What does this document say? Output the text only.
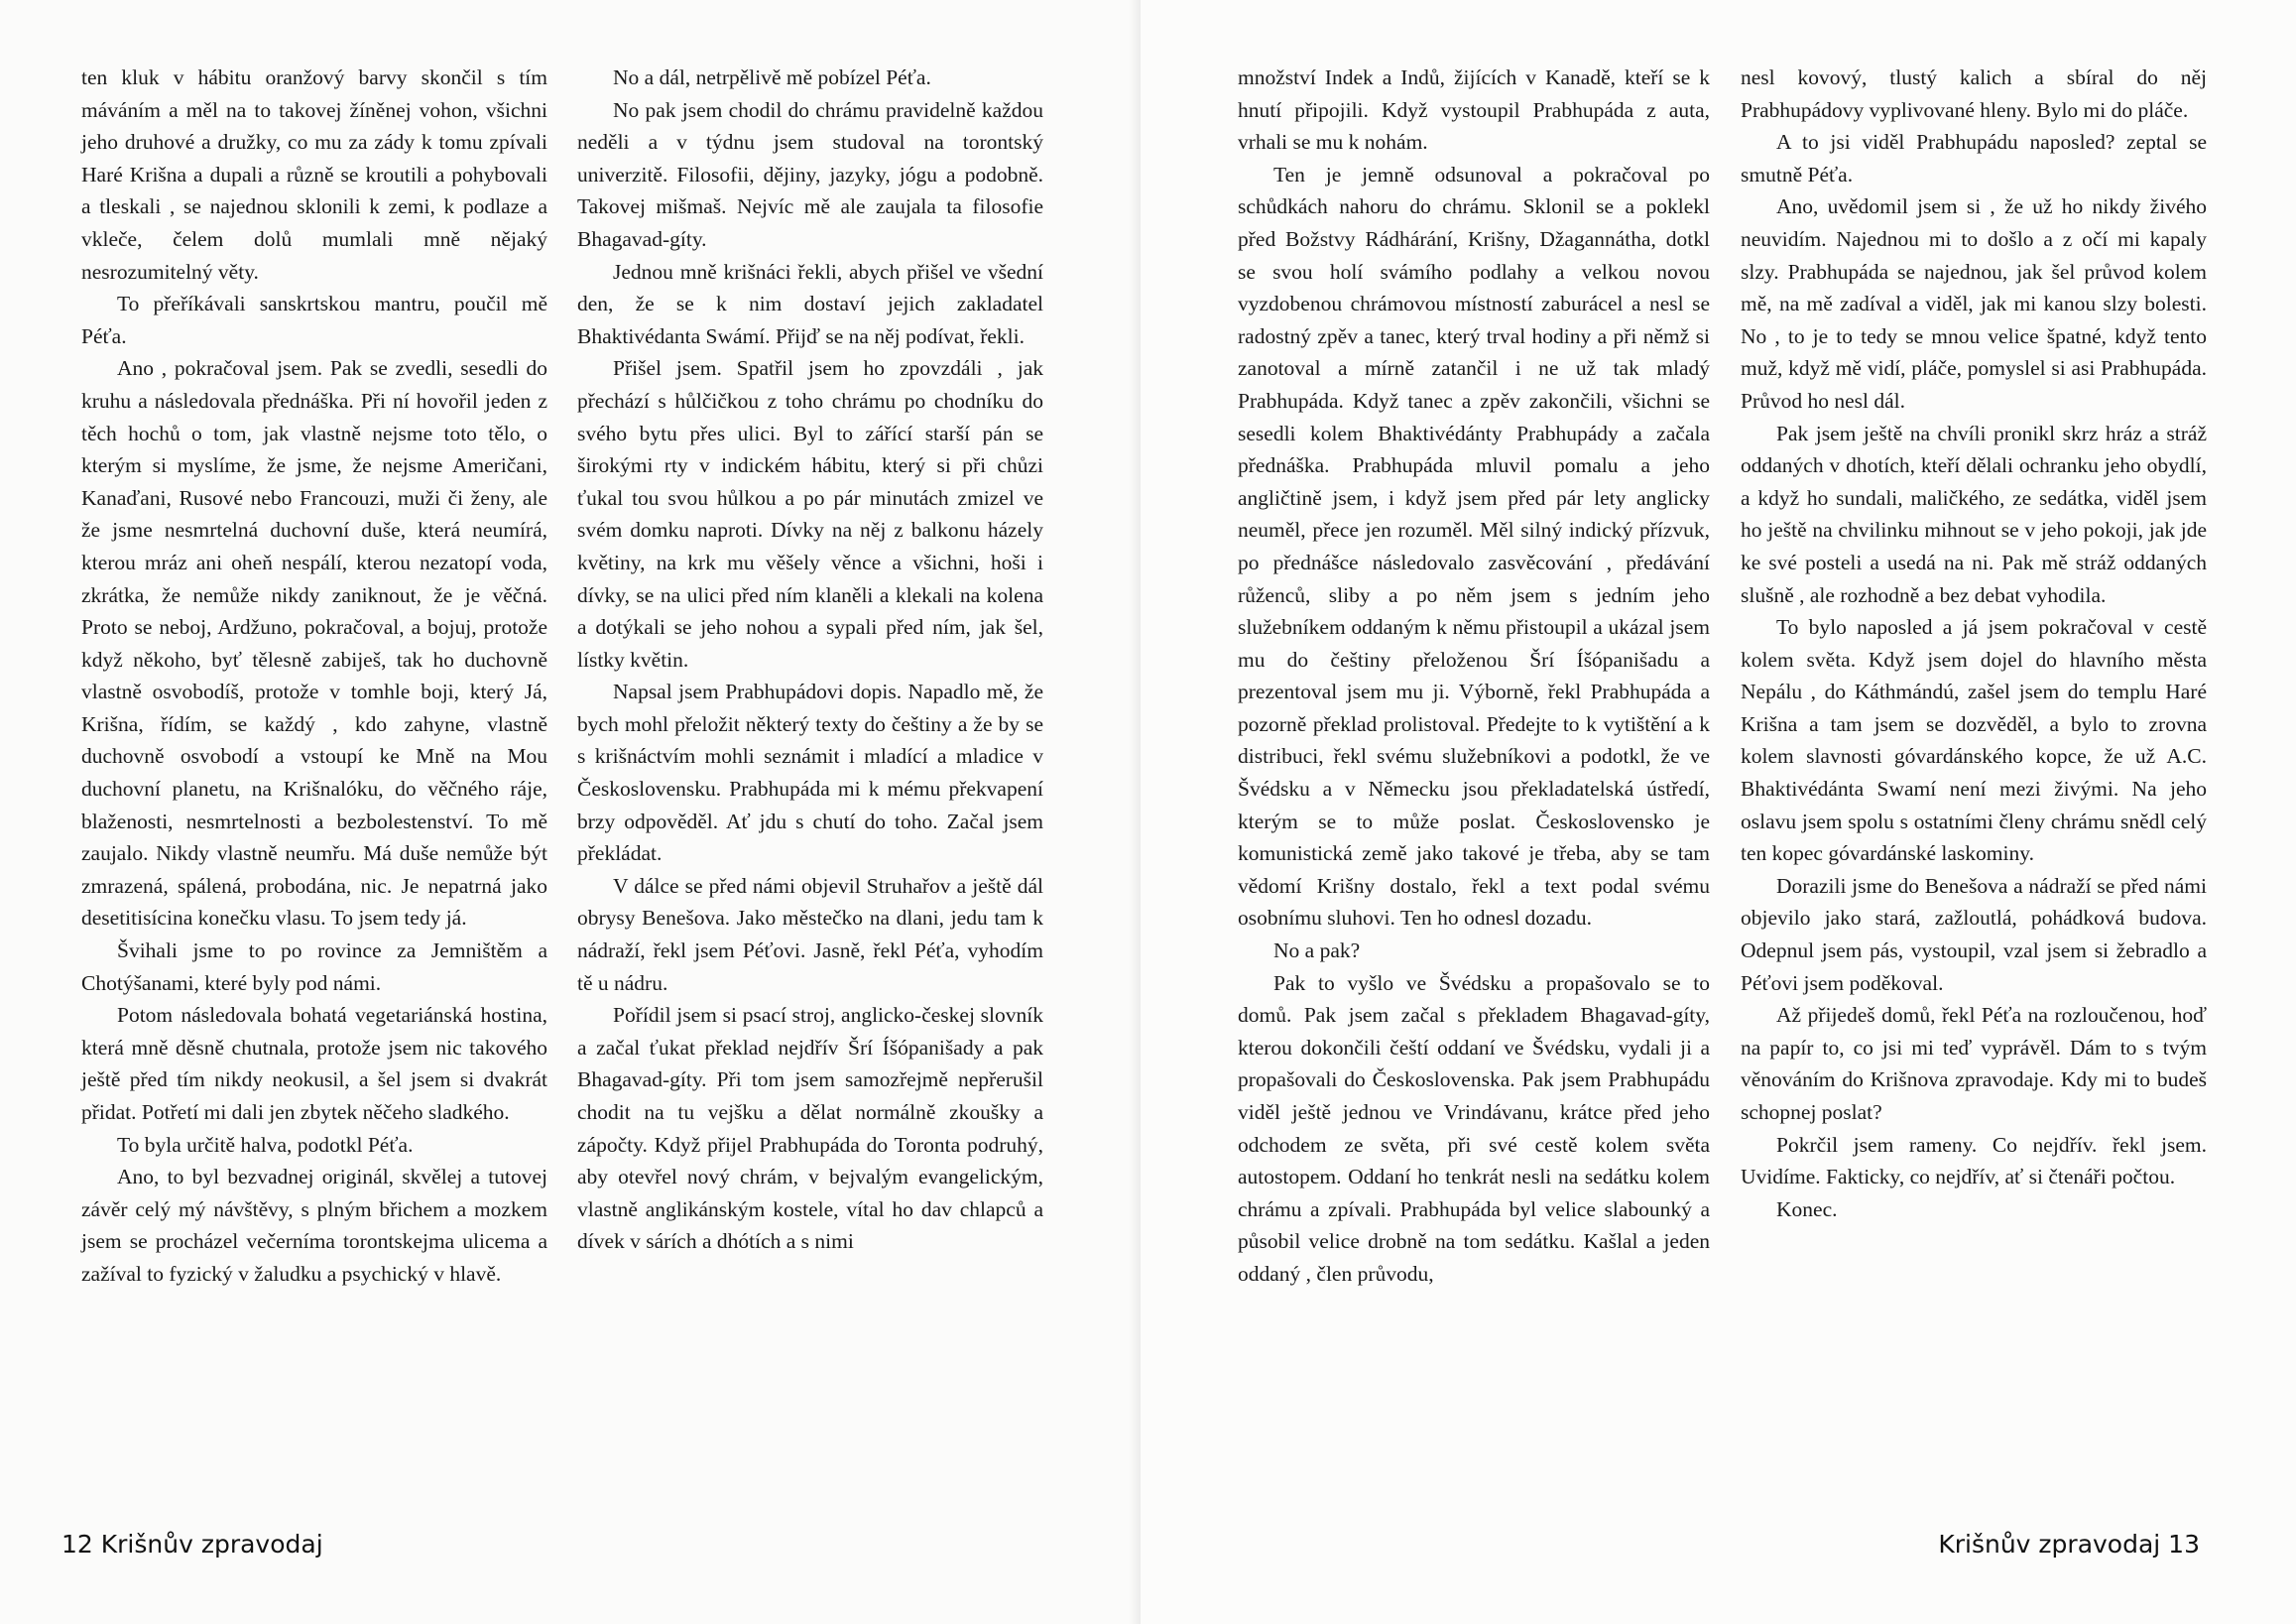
ten kluk v hábitu oranžový barvy skončil s tím máváním a měl na to takovej žíněnej vohon, všichni jeho druhové a družky, co mu za zády k tomu zpívali Haré Krišna a dupali a různě se kroutili a pohybovali a tleskali , se najednou sklonili k zemi, k podlaze a vkleče, čelem dolů mumlali mně nějaký nesrozumitelný věty.

To přeříkávali sanskrtskou mantru, poučil mě Péťa.

Ano , pokračoval jsem. Pak se zvedli, sesedli do kruhu a následovala přednáška. Při ní hovořil jeden z těch hochů o tom, jak vlastně nejsme toto tělo, o kterým si myslíme, že jsme, že nejsme Američani, Kanaďani, Rusové nebo Francouzi, muži či ženy, ale že jsme nesmrtelná duchovní duše, která neumírá, kterou mráz ani oheň nespálí, kterou nezatopí voda, zkrátka, že nemůže nikdy zaniknout, že je věčná. Proto se neboj, Ardžuno, pokračoval, a bojuj, protože když někoho, byť tělesně zabiješ, tak ho duchovně vlastně osvobodíš, protože v tomhle boji, který Já, Krišna, řídím, se každý , kdo zahyne, vlastně duchovně osvobodí a vstoupí ke Mně na Mou duchovní planetu, na Krišnalóku, do věčného ráje, blaženosti, nesmrtelnosti a bezbolestenství. To mě zaujalo. Nikdy vlastně neumřu. Má duše nemůže být zmrazená, spálená, probodána, nic. Je nepatrná jako desetitisícina konečku vlasu. To jsem tedy já.

Švihali jsme to po rovince za Jemništěm a Chotýšanami, které byly pod námi.

Potom následovala bohatá vegetariánská hostina, která mně děsně chutnala, protože jsem nic takového ještě před tím nikdy neokusil, a šel jsem si dvakrát přidat. Potřetí mi dali jen zbytek něčeho sladkého.

To byla určitě halva, podotkl Péťa.

Ano, to byl bezvadnej originál, skvělej a tutovej závěr celý mý návštěvy, s plným břichem a mozkem jsem se procházel večerníma torontskejma ulicema a zažíval to fyzický v žaludku a psychický v hlavě.

No a dál, netrpělivě mě pobízel Péťa.

No pak jsem chodil do chrámu pravidelně každou neděli a v týdnu jsem studoval na torontský univerzitě. Filosofii, dějiny, jazyky, jógu a podobně. Takovej mišmaš. Nejvíc mě ale zaujala ta filosofie Bhagavad-gíty.

Jednou mně krišnáci řekli, abych přišel ve všední den, že se k nim dostaví jejich zakladatel Bhaktivédanta Swámí. Přijď se na něj podívat, řekli.

Přišel jsem. Spatřil jsem ho zpovzdáli , jak přechází s hůlčičkou z toho chrámu po chodníku do svého bytu přes ulici. Byl to zářící starší pán se širokými rty v indickém hábitu, který si při chůzi ťukal tou svou hůlkou a po pár minutách zmizel ve svém domku naproti. Dívky na něj z balkonu házely květiny, na krk mu věšely věnce a všichni, hoši i dívky, se na ulici před ním klaněli a klekali na kolena a dotýkali se jeho nohou a sypali před ním, jak šel, lístky květin.

Napsal jsem Prabhupádovi dopis. Napadlo mě, že bych mohl přeložit některý texty do češtiny a že by se s krišnáctvím mohli seznámit i mladící a mladice v Československu. Prabhupáda mi k mému překvapení brzy odpověděl. Ať jdu s chutí do toho. Začal jsem překládat.

V dálce se před námi objevil Struhařov a ještě dál obrysy Benešova. Jako městečko na dlani, jedu tam k nádraží, řekl jsem Péťovi. Jasně, řekl Péťa, vyhodím tě u nádru.

Pořídil jsem si psací stroj, anglicko-českej slovník a začal ťukat překlad nejdřív Šrí Íšópanišady a pak Bhagavad-gíty. Při tom jsem samozřejmě nepřerušil chodit na tu vejšku a dělat normálně zkoušky a zápočty. Když přijel Prabhupáda do Toronta podruhý, aby otevřel nový chrám, v bejvalým evangelickým, vlastně anglikánským kostele, vítal ho dav chlapců a dívek v sárích a dhótích a s nimi

12 Krišnův zpravodaj

množství Indek a Indů, žijících v Kanadě, kteří se k hnutí připojili. Když vystoupil Prabhupáda z auta, vrhali se mu k nohám.

Ten je jemně odsunoval a pokračoval po schůdkách nahoru do chrámu. Sklonil se a poklekl před Božstvy Rádhárání, Krišny, Džagannátha, dotkl se svou holí svámího podlahy a velkou novou vyzdobenou chrámovou místností zaburácel a nesl se radostný zpěv a tanec, který trval hodiny a při němž si zanotoval a mírně zatančil i ne už tak mladý Prabhupáda. Když tanec a zpěv zakončili, všichni se sesedli kolem Bhaktivédánty Prabhupády a začala přednáška. Prabhupáda mluvil pomalu a jeho angličtině jsem, i když jsem před pár lety anglicky neuměl, přece jen rozuměl. Měl silný indický přízvuk, po přednášce následovalo zasvěcování , předávání růženců, sliby a po něm jsem s jedním jeho služebníkem oddaným k němu přistoupil a ukázal jsem mu do češtiny přeloženou Šrí Íšópanišadu a prezentoval jsem mu ji. Výborně, řekl Prabhupáda a pozorně překlad prolistoval. Předejte to k vytištění a k distribuci, řekl svému služebníkovi a podotkl, že ve Švédsku a v Německu jsou překladatelská ústředí, kterým se to může poslat. Československo je komunistická země jako takové je třeba, aby se tam vědomí Krišny dostalo, řekl a text podal svému osobnímu sluhovi. Ten ho odnesl dozadu.

No a pak?

Pak to vyšlo ve Švédsku a propašovalo se to domů. Pak jsem začal s překladem Bhagavad-gíty, kterou dokončili čeští oddaní ve Švédsku, vydali ji a propašovali do Československa. Pak jsem Prabhupádu viděl ještě jednou ve Vrindávanu, krátce před jeho odchodem ze světa, při své cestě kolem světa autostopem. Oddaní ho tenkrát nesli na sedátku kolem chrámu a zpívali. Prabhupáda byl velice slabounký a působil velice drobně na tom sedátku. Kašlal a jeden oddaný , člen průvodu,

nesl kovový, tlustý kalich a sbíral do něj Prabhupádovy vyplivované hleny. Bylo mi do pláče.

A to jsi viděl Prabhupádu naposled? zeptal se smutně Péťa.

Ano, uvědomil jsem si , že už ho nikdy živého neuvidím. Najednou mi to došlo a z očí mi kapaly slzy. Prabhupáda se najednou, jak šel průvod kolem mě, na mě zadíval a viděl, jak mi kanou slzy bolesti. No , to je to tedy se mnou velice špatné, když tento muž, když mě vidí, pláče, pomyslel si asi Prabhupáda. Průvod ho nesl dál.

Pak jsem ještě na chvíli pronikl skrz hráz a stráž oddaných v dhotích, kteří dělali ochranku jeho obydlí, a když ho sundali, maličkého, ze sedátka, viděl jsem ho ještě na chvilinku mihnout se v jeho pokoji, jak jde ke své posteli a usedá na ni. Pak mě stráž oddaných slušně , ale rozhodně a bez debat vyhodila.

To bylo naposled a já jsem pokračoval v cestě kolem světa. Když jsem dojel do hlavního města Nepálu , do Káthmándú, zašel jsem do templu Haré Krišna a tam jsem se dozvěděl, a bylo to zrovna kolem slavnosti góvardánského kopce, že už A.C. Bhaktivédánta Swamí není mezi živými. Na jeho oslavu jsem spolu s ostatními členy chrámu snědl celý ten kopec góvardánské laskominy.

Dorazili jsme do Benešova a nádraží se před námi objevilo jako stará, zažloutlá, pohádková budova. Odepnul jsem pás, vystoupil, vzal jsem si žebradlo a Péťovi jsem poděkoval.

Až přijedeš domů, řekl Péťa na rozloučenou, hoď na papír to, co jsi mi teď vyprávěl. Dám to s tvým věnováním do Krišnova zpravodaje. Kdy mi to budeš schopnej poslat?

Pokrčil jsem rameny. Co nejdřív. řekl jsem. Uvidíme. Fakticky, co nejdřív, ať si čtenáři počtou.

Konec.

Krišnův zpravodaj 13
